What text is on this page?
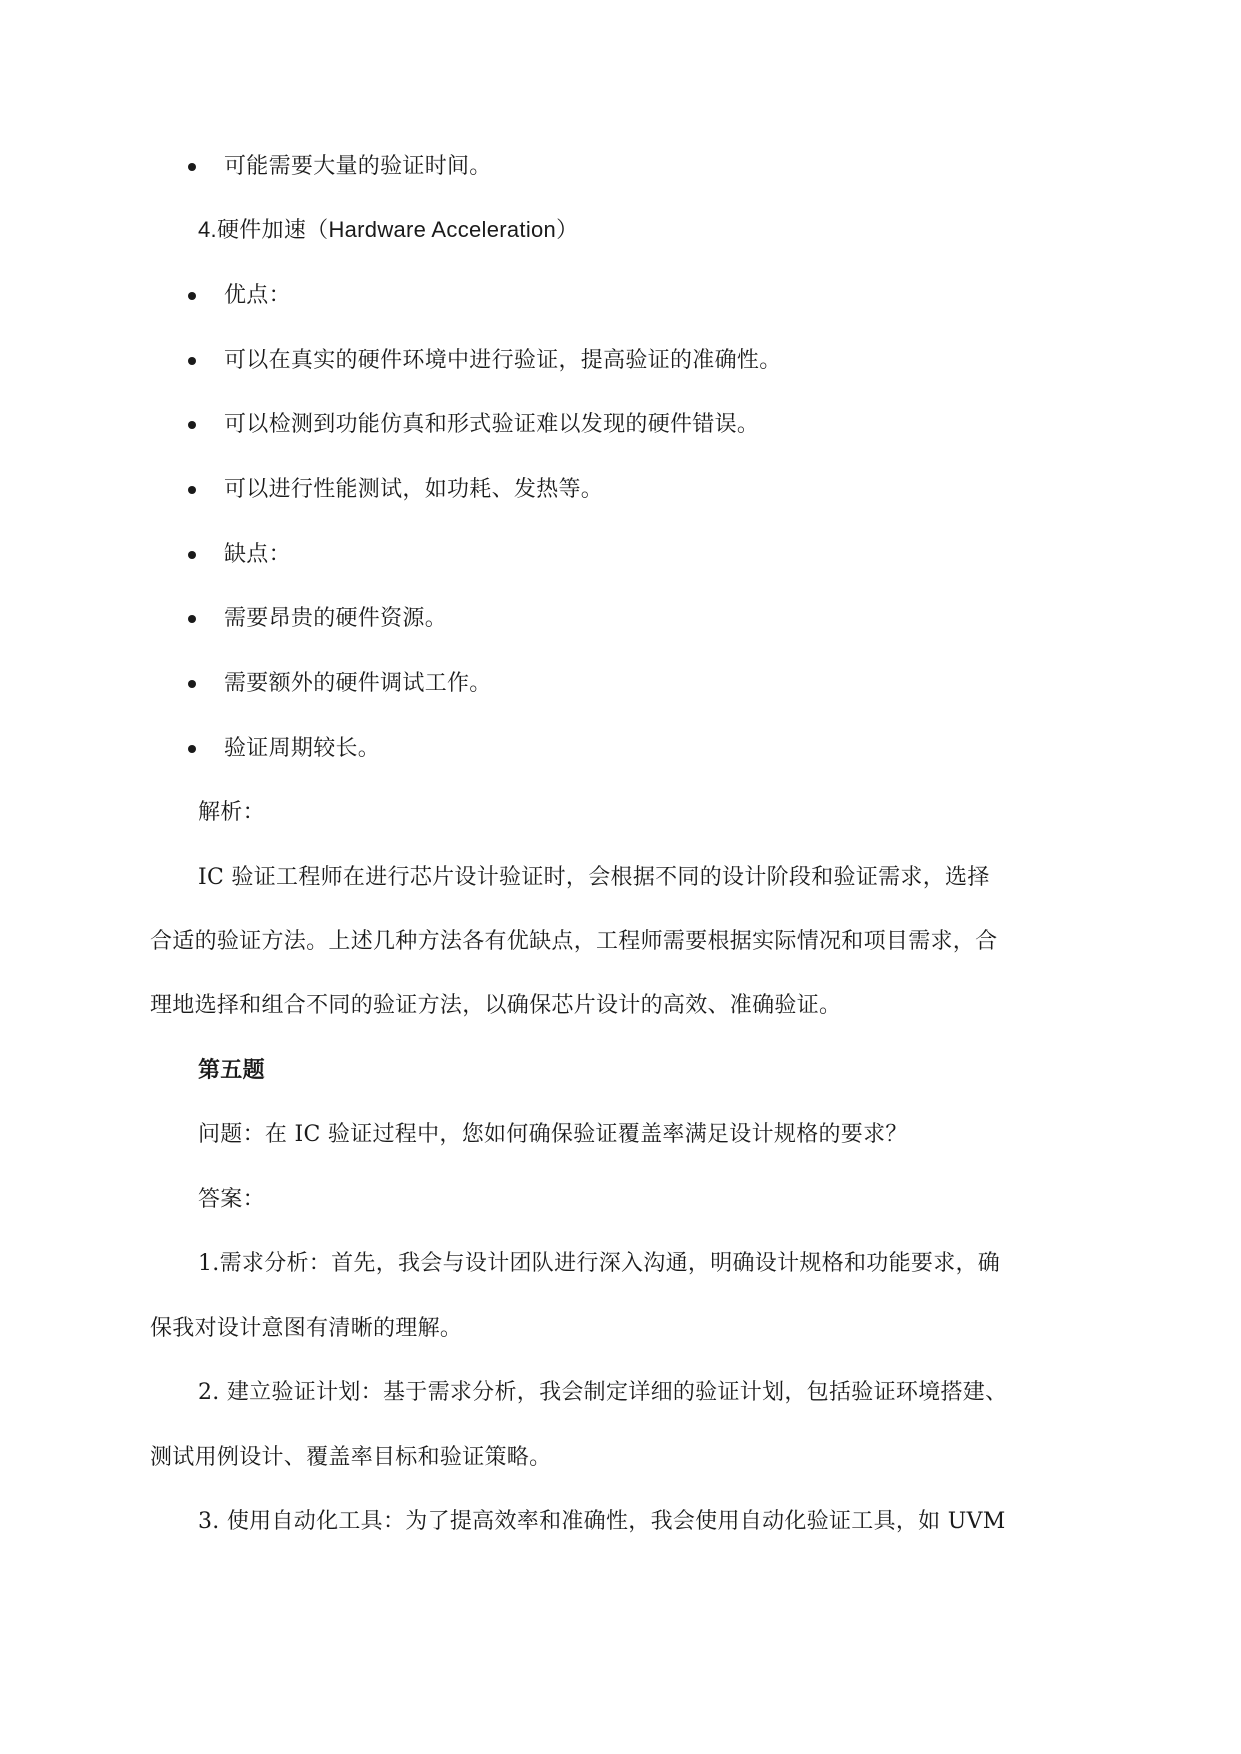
可能需要大量的验证时间。
4.硬件加速（Hardware Acceleration）
优点：
可以在真实的硬件环境中进行验证，提高验证的准确性。
可以检测到功能仿真和形式验证难以发现的硬件错误。
可以进行性能测试，如功耗、发热等。
缺点：
需要昂贵的硬件资源。
需要额外的硬件调试工作。
验证周期较长。
解析：
IC 验证工程师在进行芯片设计验证时，会根据不同的设计阶段和验证需求，选择
合适的验证方法。上述几种方法各有优缺点，工程师需要根据实际情况和项目需求，合
理地选择和组合不同的验证方法，以确保芯片设计的高效、准确验证。
第五题
问题：在 IC 验证过程中，您如何确保验证覆盖率满足设计规格的要求？
答案：
1.需求分析：首先，我会与设计团队进行深入沟通，明确设计规格和功能要求，确
保我对设计意图有清晰的理解。
2. 建立验证计划：基于需求分析，我会制定详细的验证计划，包括验证环境搭建、
测试用例设计、覆盖率目标和验证策略。
3. 使用自动化工具：为了提高效率和准确性，我会使用自动化验证工具，如 UVM
